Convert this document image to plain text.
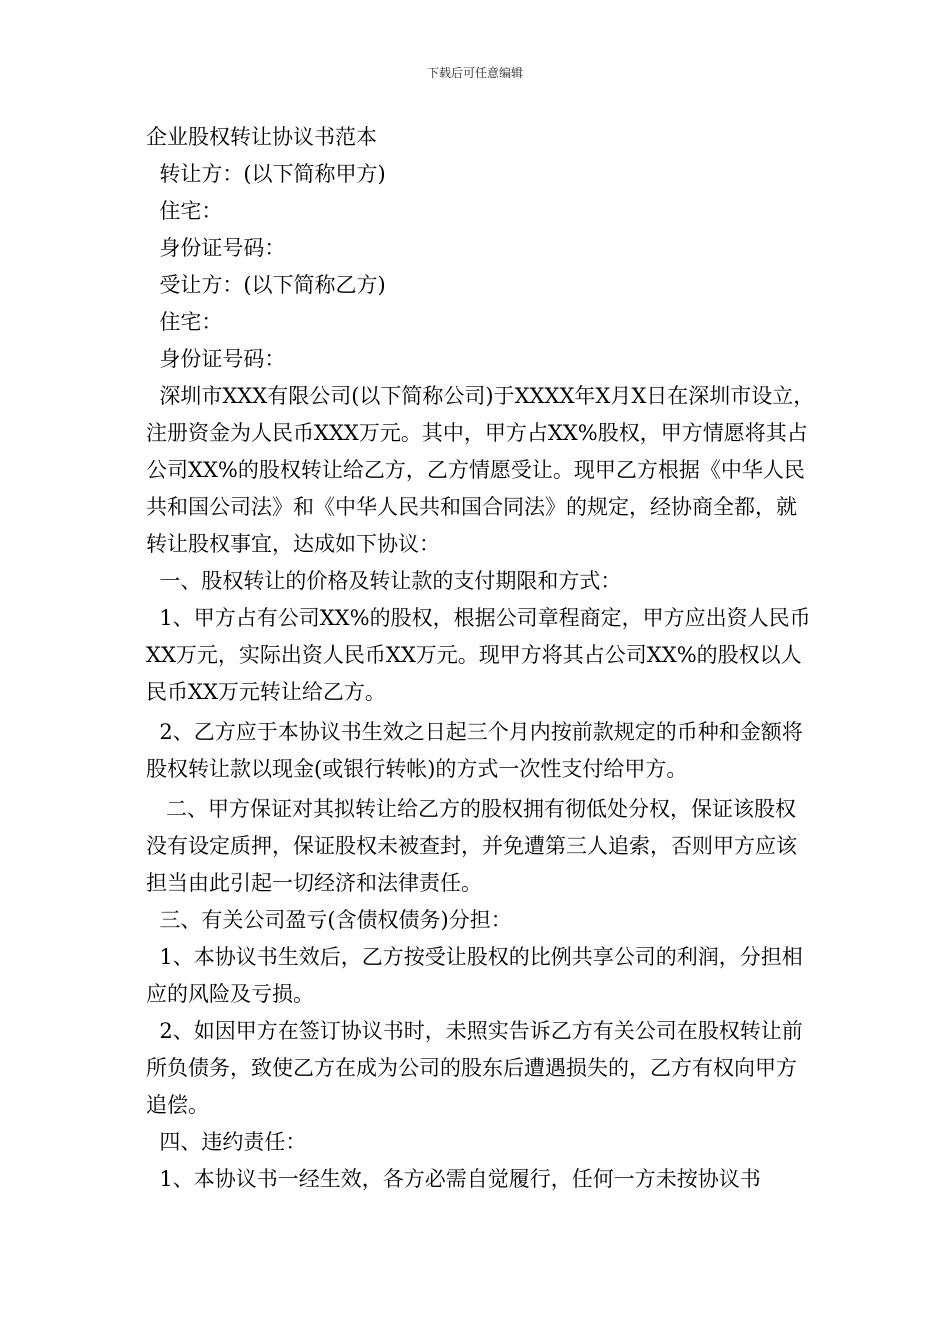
下载后可任意编辑

企业股权转让协议书范本

转让方：(以下简称甲方)

住宅：

身份证号码：

受让方：(以下简称乙方)

住宅：

身份证号码：

深圳市XXX有限公司(以下简称公司)于XXXX年X月X日在深圳市设立，注册资金为人民币XXX万元。其中，甲方占XX%股权，甲方情愿将其占公司XX%的股权转让给乙方，乙方情愿受让。现甲乙方根据《中华人民共和国公司法》和《中华人民共和国合同法》的规定，经协商全都，就转让股权事宜，达成如下协议：

一、股权转让的价格及转让款的支付期限和方式：

1、甲方占有公司XX%的股权，根据公司章程商定，甲方应出资人民币XX万元，实际出资人民币XX万元。现甲方将其占公司XX%的股权以人民币XX万元转让给乙方。

2、乙方应于本协议书生效之日起三个月内按前款规定的币种和金额将股权转让款以现金(或银行转帐)的方式一次性支付给甲方。

二、甲方保证对其拟转让给乙方的股权拥有彻低处分权，保证该股权没有设定质押，保证股权未被查封，并免遭第三人追索，否则甲方应该担当由此引起一切经济和法律责任。

三、有关公司盈亏(含债权债务)分担：

1、本协议书生效后，乙方按受让股权的比例共享公司的利润，分担相应的风险及亏损。

2、如因甲方在签订协议书时，未照实告诉乙方有关公司在股权转让前所负债务，致使乙方在成为公司的股东后遭遇损失的，乙方有权向甲方追偿。

四、违约责任：

1、本协议书一经生效，各方必需自觉履行，任何一方未按协议书
